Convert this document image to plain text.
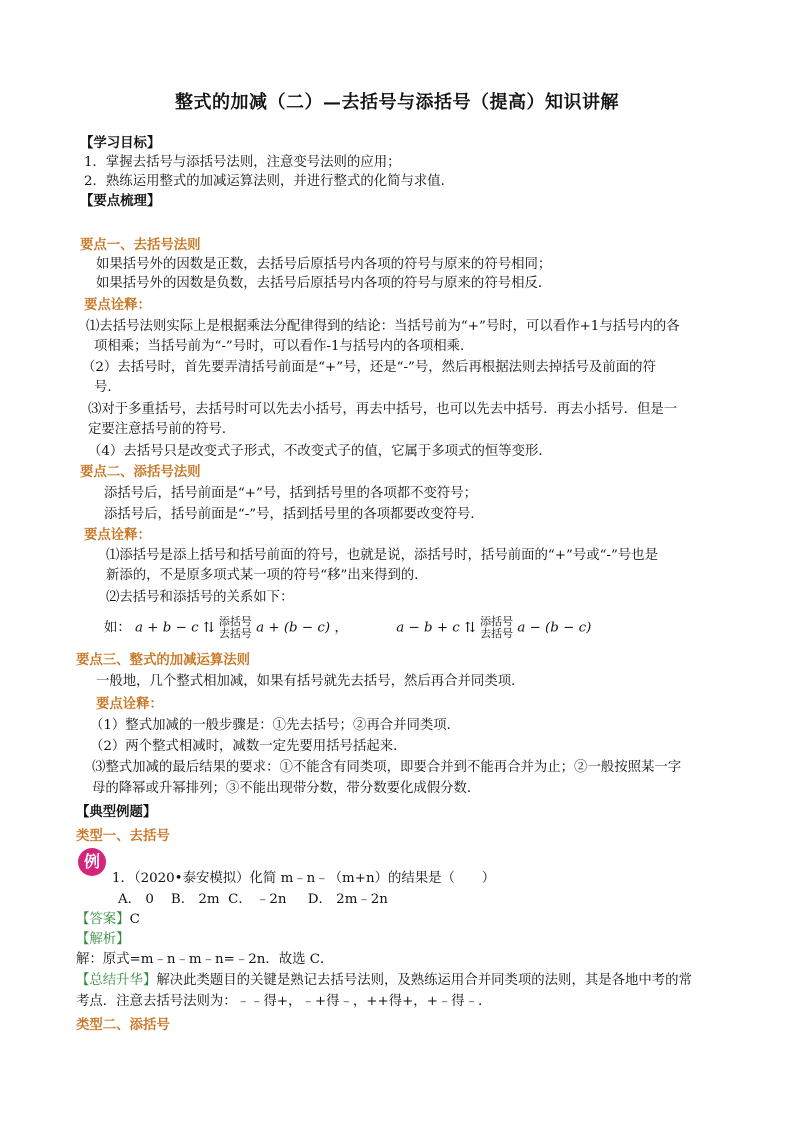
整式的加减（二）—去括号与添括号（提高）知识讲解
【学习目标】
1．掌握去括号与添括号法则，注意变号法则的应用；
2．熟练运用整式的加减运算法则，并进行整式的化简与求值．
【要点梳理】
要点一、去括号法则
如果括号外的因数是正数，去括号后原括号内各项的符号与原来的符号相同；
如果括号外的因数是负数，去括号后原括号内各项的符号与原来的符号相反．
要点诠释：
⑴去括号法则实际上是根据乘法分配律得到的结论：当括号前为“+”号时，可以看作+1与括号内的各
项相乘；当括号前为“-”号时，可以看作-1与括号内的各项相乘．
（2）去括号时，首先要弄清括号前面是“+”号，还是“-”号，然后再根据法则去掉括号及前面的符
号．
⑶对于多重括号，去括号时可以先去小括号，再去中括号，也可以先去中括号．再去小括号．但是一
定要注意括号前的符号．
（4）去括号只是改变式子形式，不改变式子的值，它属于多项式的恒等变形．
要点二、添括号法则
添括号后，括号前面是“+”号，括到括号里的各项都不变符号；
添括号后，括号前面是“-”号，括到括号里的各项都要改变符号．
要点诠释：
⑴添括号是添上括号和括号前面的符号，也就是说，添括号时，括号前面的“+”号或“-”号也是
新添的，不是原多项式某一项的符号“移”出来得到的．
⑵去括号和添括号的关系如下：
如： a + b − c ⇅ 添括号
去括号 a + (b − c) ，	a − b + c ⇅ 添括号
去括号 a − (b − c)
要点三、整式的加减运算法则
一般地，几个整式相加减，如果有括号就先去括号，然后再合并同类项．
要点诠释：
（1）整式加减的一般步骤是：①先去括号；②再合并同类项．
（2）两个整式相减时，减数一定先要用括号括起来．
⑶整式加减的最后结果的要求：①不能含有同类项，即要合并到不能再合并为止；②一般按照某一字
母的降幂或升幂排列；③不能出现带分数，带分数要化成假分数．
【典型例题】
类型一、去括号
例
1．（2020•泰安模拟）化简 m﹣n﹣（m+n）的结果是（　　）
A． 0    B． 2m  C． ﹣2n     D． 2m﹣2n
【答案】C
【解析】
解：原式=m﹣n﹣m﹣n=﹣2n．故选 C．
【总结升华】解决此类题目的关键是熟记去括号法则，及熟练运用合并同类项的法则，其是各地中考的常
考点．注意去括号法则为：﹣﹣得+，﹣+得﹣，++得+，+﹣得﹣．
类型二、添括号
